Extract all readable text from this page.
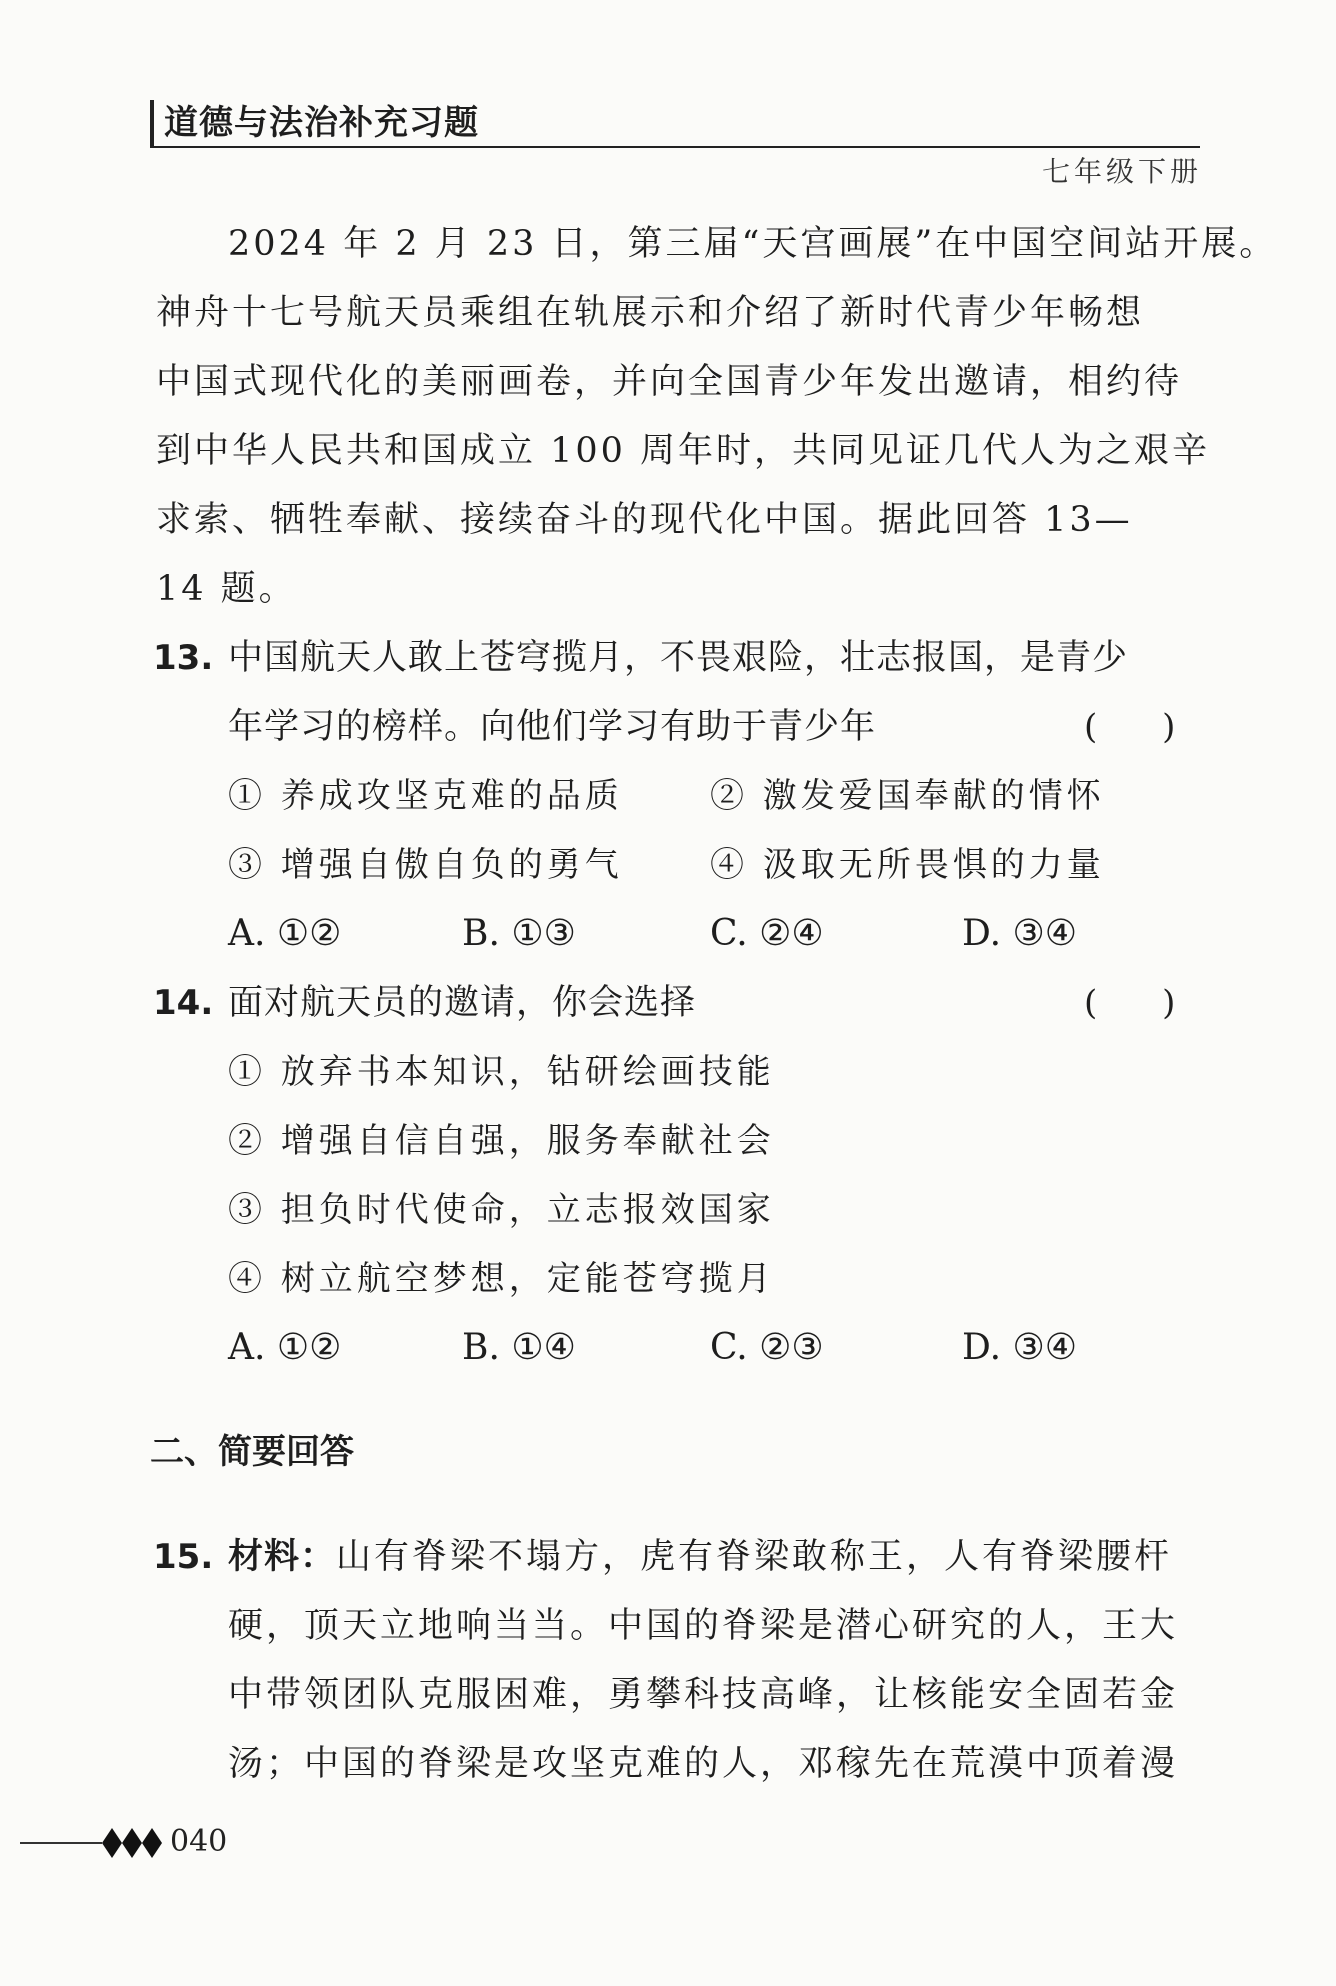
道德与法治补充习题
七年级下册
2024 年 2 月 23 日，第三届“天宫画展”在中国空间站开展。
神舟十七号航天员乘组在轨展示和介绍了新时代青少年畅想
中国式现代化的美丽画卷，并向全国青少年发出邀请，相约待
到中华人民共和国成立 100 周年时，共同见证几代人为之艰辛
求索、牺牲奉献、接续奋斗的现代化中国。据此回答 13—
14 题。
13. 中国航天人敢上苍穹揽月，不畏艰险，壮志报国，是青少
年学习的榜样。向他们学习有助于青少年	(      )
① 养成攻坚克难的品质	② 激发爱国奉献的情怀
③ 增强自傲自负的勇气	④ 汲取无所畏惧的力量
A. ①②	B. ①③	C. ②④	D. ③④
14. 面对航天员的邀请，你会选择	(      )
① 放弃书本知识，钻研绘画技能
② 增强自信自强，服务奉献社会
③ 担负时代使命，立志报效国家
④ 树立航空梦想，定能苍穹揽月
A. ①②	B. ①④	C. ②③	D. ③④
二、简要回答
15. 材料：山有脊梁不塌方，虎有脊梁敢称王，人有脊梁腰杆
硬，顶天立地响当当。中国的脊梁是潜心研究的人，王大
中带领团队克服困难，勇攀科技高峰，让核能安全固若金
汤；中国的脊梁是攻坚克难的人，邓稼先在荒漠中顶着漫
040
